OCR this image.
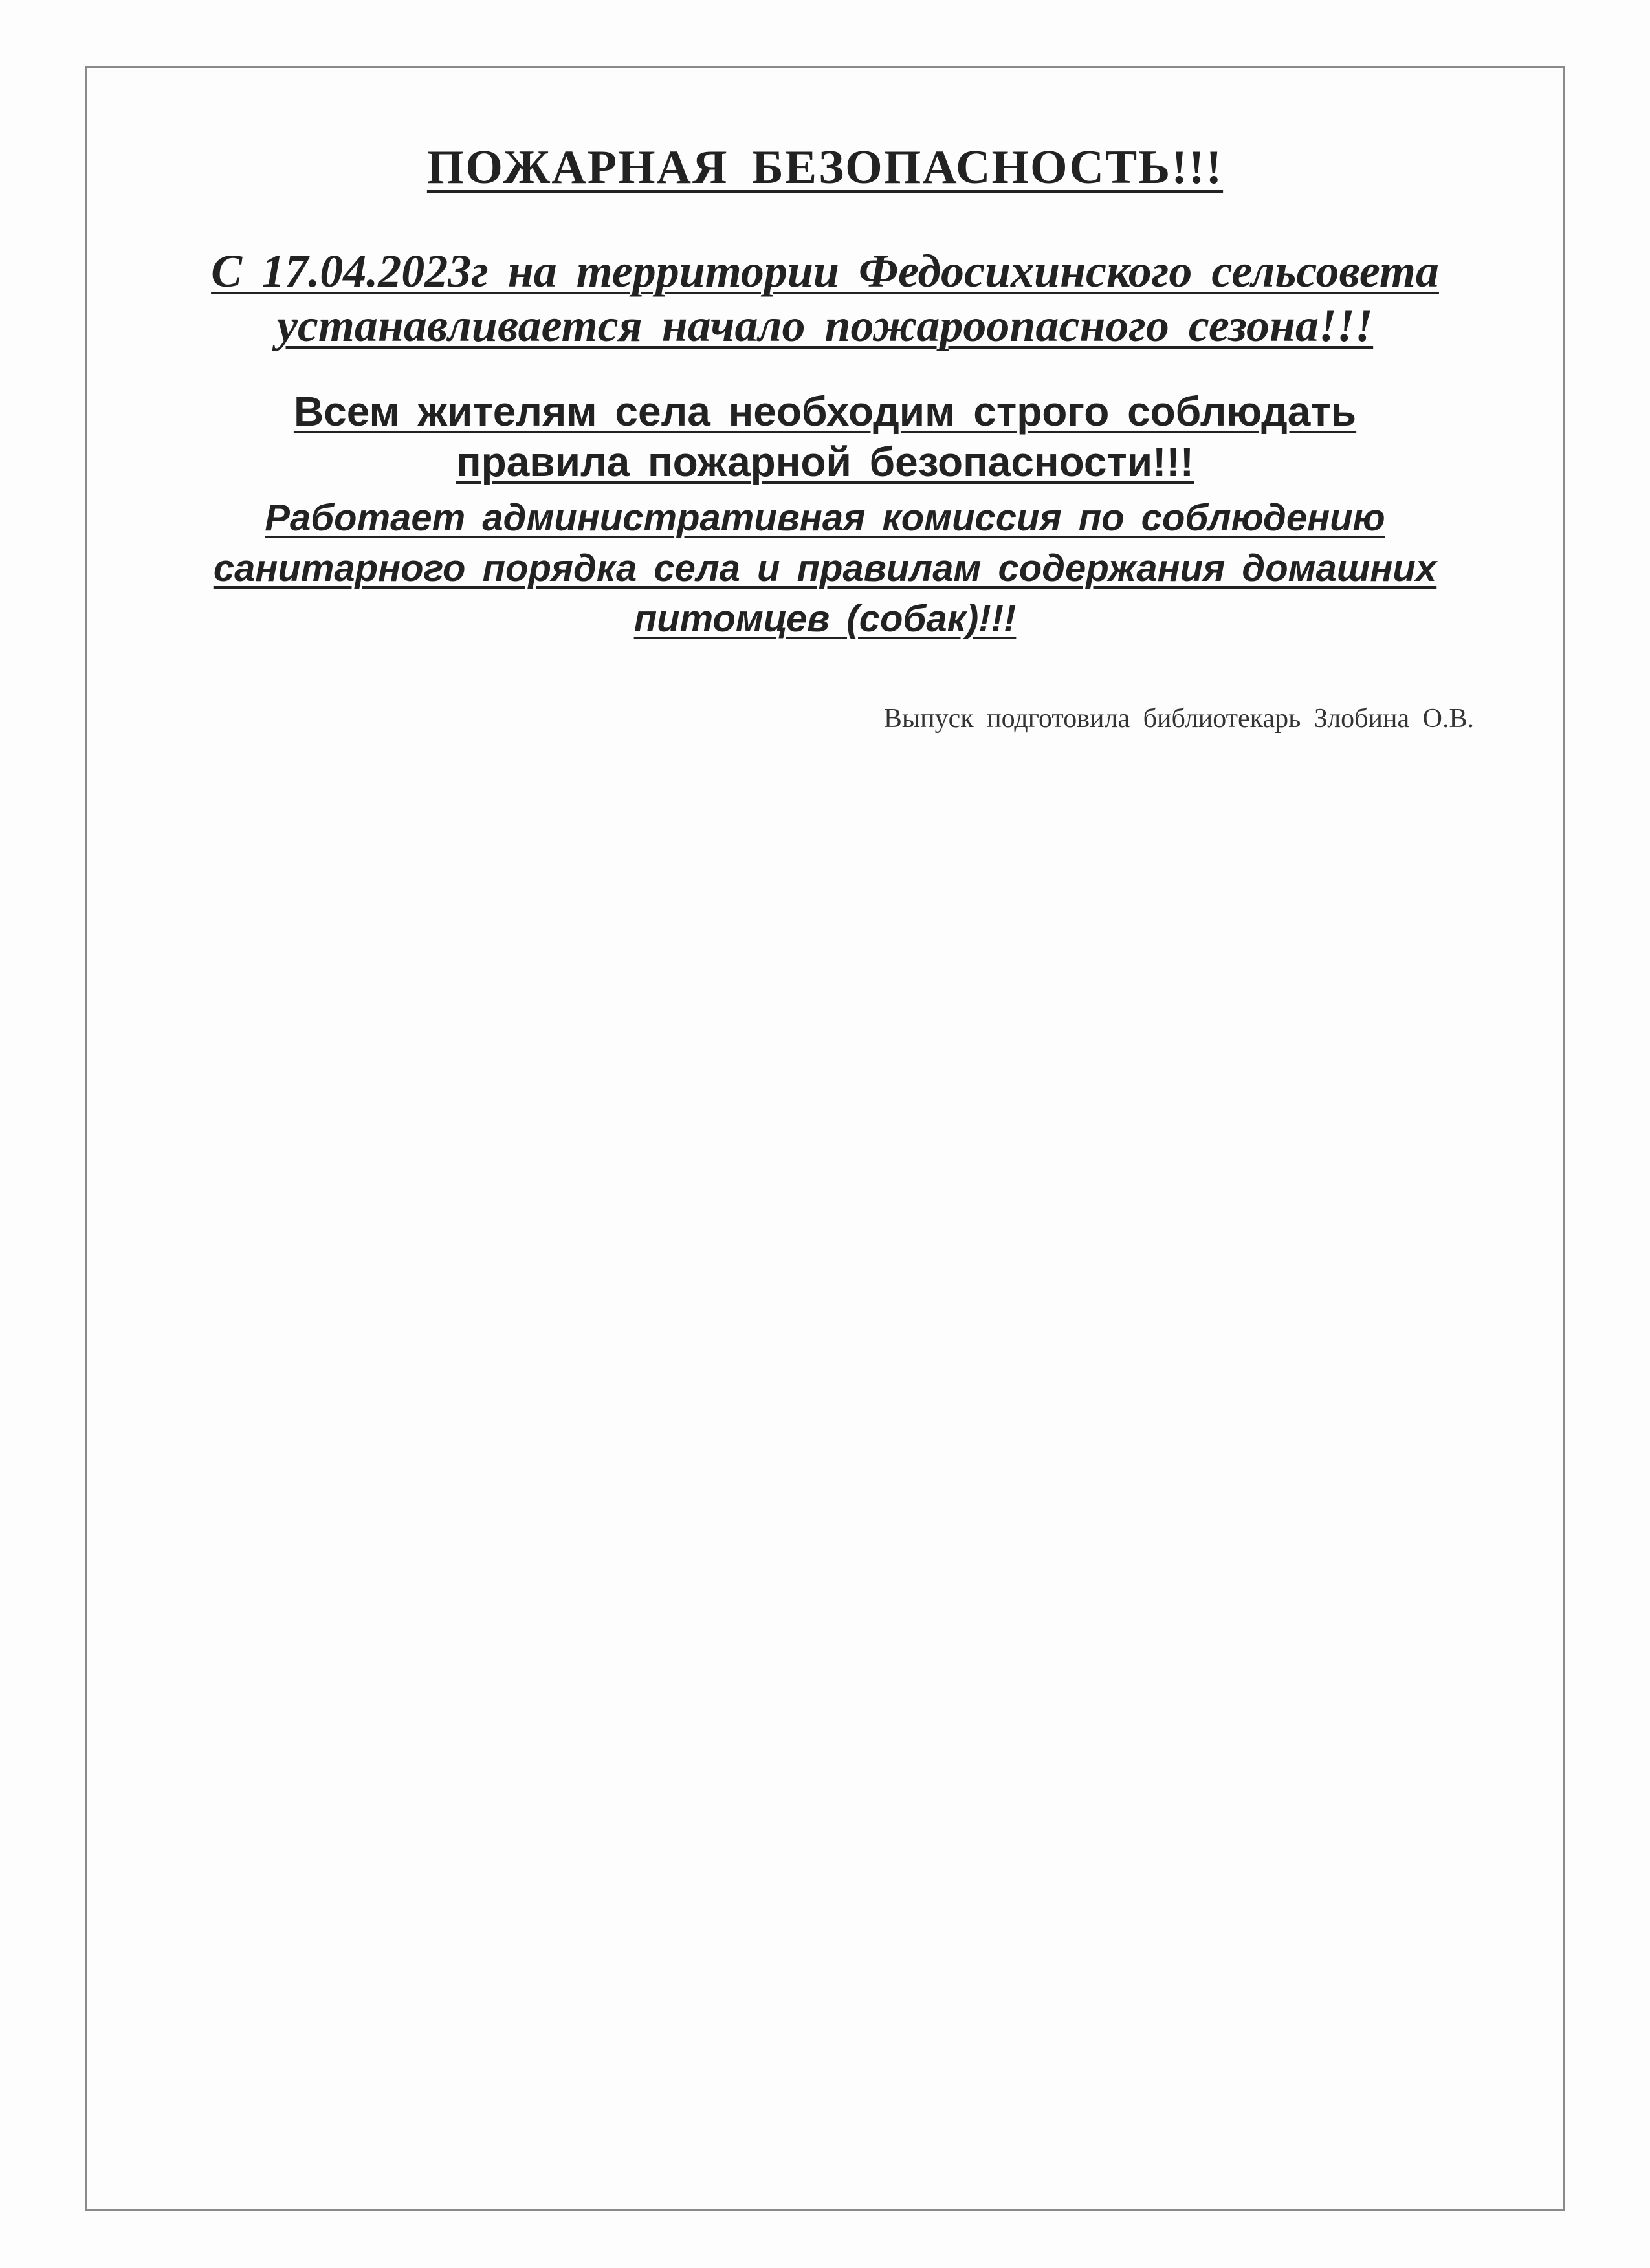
ПОЖАРНАЯ БЕЗОПАСНОСТЬ!!!
С 17.04.2023г на территории Федосихинского сельсовета
устанавливается начало пожароопасного сезона!!!
Всем жителям села необходим строго соблюдать
правила пожарной безопасности!!!
Работает административная комиссия по соблюдению
санитарного порядка села и правилам содержания домашних
питомцев (собак)!!!
Выпуск подготовила библиотекарь Злобина О.В.
